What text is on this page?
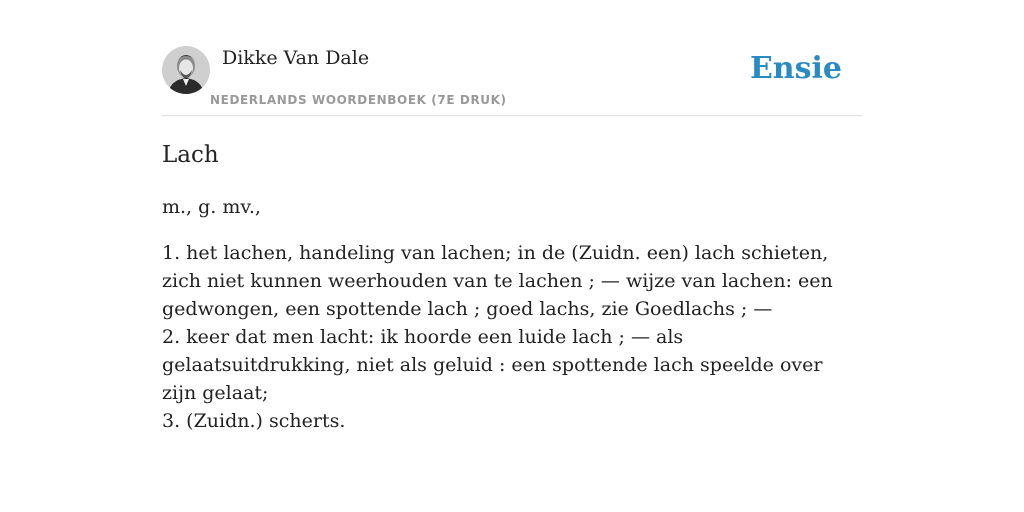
Dikke Van Dale
NEDERLANDS WOORDENBOEK (7E DRUK)
Ensie
Lach

m., g. mv.,

1. het lachen, handeling van lachen; in de (Zuidn. een) lach schieten, zich niet kunnen weerhouden van te lachen ; — wijze van lachen: een gedwongen, een spottende lach ; goed lachs, zie Goedlachs ; —
2. keer dat men lacht: ik hoorde een luide lach ; — als gelaatsuitdrukking, niet als geluid : een spottende lach speelde over zijn gelaat;
3. (Zuidn.) scherts.
